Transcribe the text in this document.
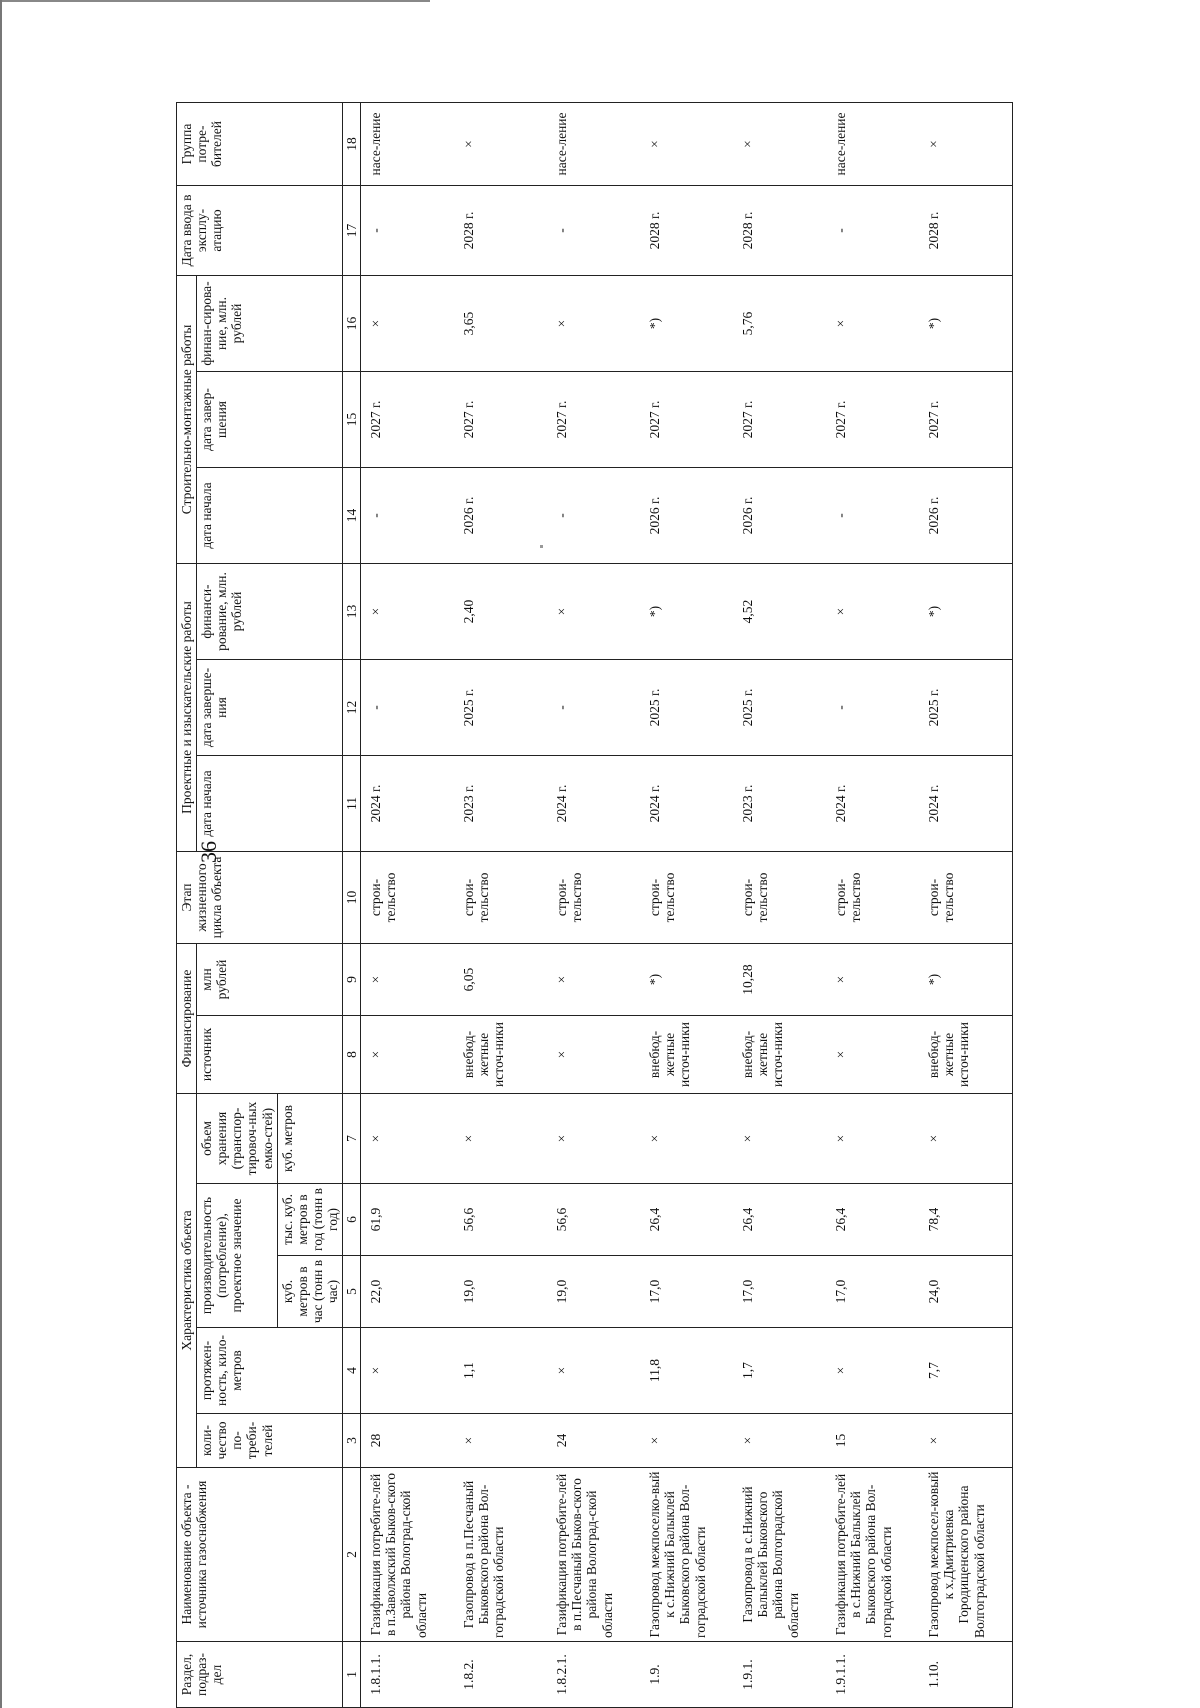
36
Раздел, подраз-дел	Наименование объекта - источника газоснабжения	Характеристика объекта					Финансирование		Этап жизненного цикла объекта	Проектные и изыскательские работы			Строительно-монтажные работы			Дата ввода в эксплу-атацию	Группа потре-бителей
		коли-чество по-треби-телей	протяжен-ность, кило-метров	производительность (потребление), проектное значение		объем хранения (транспор-тировоч-ных емко-стей)	источник	млн рублей		дата начала	дата заверше-ния	финанси-рование, млн. рублей	дата начала	дата завер-шения	финан-сирова-ние, млн. рублей		
				куб. метров в час (тонн в час)	тыс. куб. метров в год (тонн в год)	куб. метров											
1	2	3	4	5	6	7	8	9	10	11	12	13	14	15	16	17	18
1.8.1.1.	Газификация потребите-лей в п.Заволжский Быков-ского района Волоград-ской области	28	×	22,0	61,9	×	×	×	строи-тельство	2024 г.	-	×	-	2027 г.	×	-	насе-ление
1.8.2.	Газопровод в п.Песчаный Быковского района Вол-гоградской области	×	1,1	19,0	56,6	×	внебюд-жетные источ-ники	6,05	строи-тельство	2023 г.	2025 г.	2,40	2026 г.	2027 г.	3,65	2028 г.	×
1.8.2.1.	Газификация потребите-лей в п.Песчаный Быков-ского района Волоград-ской области	24	×	19,0	56,6	×	×	×	строи-тельство	2024 г.	-	×	-	2027 г.	×	-	насе-ление
1.9.	Газопровод межпоселко-вый к с.Нижний Балыклей Быковского района Вол-гоградской области	×	11,8	17,0	26,4	×	внебюд-жетные источ-ники	*)	строи-тельство	2024 г.	2025 г.	*)	2026 г.	2027 г.	*)	2028 г.	×
1.9.1.	Газопровод в с.Нижний Балыклей Быковского района Волгоградской области	×	1,7	17,0	26,4	×	внебюд-жетные источ-ники	10,28	строи-тельство	2023 г.	2025 г.	4,52	2026 г.	2027 г.	5,76	2028 г.	×
1.9.1.1.	Газификация потребите-лей в с.Нижний Балыклей Быковского района Вол-гоградской области	15	×	17,0	26,4	×	×	×	строи-тельство	2024 г.	-	×	-	2027 г.	×	-	насе-ление
1.10.	Газопровод межпосел-ковый к х.Дмитриевка Городищенского района Волгоградской области	×	7,7	24,0	78,4	×	внебюд-жетные источ-ники	*)	строи-тельство	2024 г.	2025 г.	*)	2026 г.	2027 г.	*)	2028 г.	×
